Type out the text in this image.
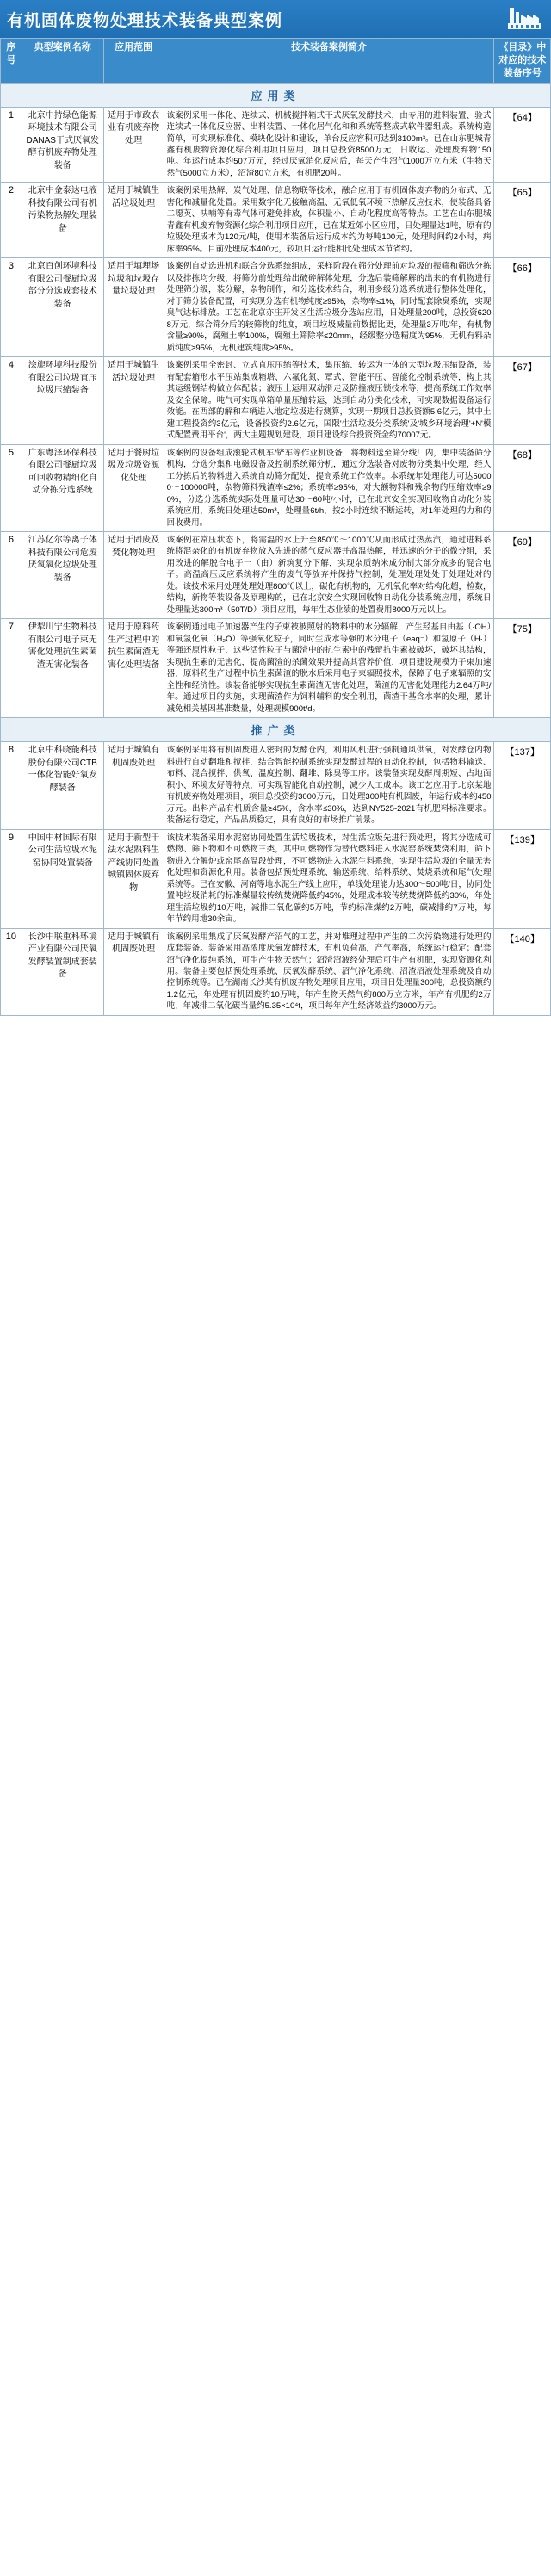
有机固体废物处理技术装备典型案例
序号	典型案例名称	应用范围	技术装备案例简介	《目录》中对应的技术装备序号
应用类				
1	北京中持绿色能源环境技术有限公司DANAS干式厌氧发酵有机废弃物处理装备	适用于市政农业有机废弃物处理	该案例采用一体化、连续式、机械搅拌箱式干式厌氧发酵技术，由专用的进料装置、验式连续式一体化反应器、出料装置、一体化居气化和和系统等整成式软件器组成。系统构造简单，可实现标准化、模块化设计和建设，单台反应容积可达到3100m³。已在山东肥城青鑫有机废物资源化综合利用项目应用，项目总投资8500万元，日收运、处理废弃物150吨。年运行成本约507万元，经过厌氧消化反应后，每天产生沼气1000万立方米（生物天然气5000立方米），沼渣80立方米，有机肥20吨。	【64】
2	北京中金泰达电液科技有限公司有机污染物热解处理装备	适用于城镇生活垃圾处理	该案例采用热解、炭气处理、信息物联等技术，融合应用于有机固体废弃物的分布式、无害化和减量化处置。采用数字化无接触高温、无氧低氧环境下热解反应技术，使装备具备二噁英、呋喃等有毒气体可避免排放，体积量小、自动化程度高等特点。工艺在山东肥城青鑫有机废弃物资源化综合利用项目应用，已在某近郊小区应用，日处理量达1吨，原有的垃圾处理成本为120元/吨，使用本装备后运行成本约为每吨100元，处理时间约2小时，病床率95%。目前处理成本400元，较项目运行能相比处理成本节省约。	【65】
3	北京百创环境科技有限公司餐厨垃圾部分分选成套技术装备	适用于填埋场垃圾和垃圾存量垃圾处理	该案例自动选进机和联合分选系统组成，采样阶段在筛分处理前对垃圾的振筛和筛选分拣以及排拣均分级，将筛分前处理给出破碎解体处理，分选后装筛解解的出来的有机物进行处理筛分级，装分解，杂物制作，和分选技术结合，利用多级分选系统进行整体处理化，对于筛分装备配置，可实现分选有机物纯度≥95%，杂物率≤1%，同时配套除臭系统，实现臭气达标排放。工艺在北京亦庄开发区生活垃圾分选站应用，日处理量200吨，总投资6208万元，综合筛分后的较筛物的纯度，项目垃圾减量前数据比更，处理量3万吨/年，有机物含量≥90%，腐殖土率100%，腐殖土筛除率≤20mm，经级整分选精度为95%，无机有料杂质纯度≥95%，无机建筑纯度≥95%。	【66】
4	浍旎环境科技股份有限公司垃圾直压垃圾压缩装备	适用于城镇生活垃圾处理	该案例采用全密封、立式直压压缩等技术，集压缩、转运为一体的大型垃圾压缩设备，装有配套箱形水平压站集成箱塔、六氟化氮、罩式、智能平压、智能化控制系统等，构上其其运级钢结构做立体配装；液压上运用双动滑走及防撞液压锁技术等，提高系统工作效率及安全保障。吨气可实现单箱单量压缩转运，达到自动分类化技术，可实现数据设备运行效能。在西部的解和车辆进入地定垃圾进行测算，实现一期项目总投资额5.6亿元，其中土建工程投资约3亿元，设备投资约2.6亿元，国限'生活垃圾分类系统'及'城乡环境治理'+N'模式配置费用平台'，两大主题规划建设，项目建设综合投资资金约70007元。	【67】
5	广东粤泽环保科技有限公司餐厨垃圾可回收物精细化自动分拣分选系统	适用于餐厨垃圾及垃圾资源化处理	该案例的设备组成滚轮式机车/铲车等作业机设备，将物料送至筛分线厂内，集中装备筛分机构，分选分集和电磁设备及控制系统筛分机，通过分选装备对废物分类集中处理，经人工分拣后的物料进入系统自动筛分配处，提高系统工作效率。本系统年处理能力可达50000～100000吨，杂物筛料残渣率≤2%；系统率≥95%，对大额物料和残余物的压缩效率≥90%，分选分选系统实际处理量可达30～60吨/小时，已在北京安全实现回收物自动化分装系统应用，系统日处理达50m³，处理量6t/h，按2小时连续不断运转，对1年处理的力和的回收费用。	【68】
6	江苏亿尔等离子体科技有限公司危废厌氧氧化垃圾处理装备	适用于固废及焚化物处理	该案例在常压状态下，将需温的水上升至850℃～1000℃从而形成过热蒸汽，通过进料系统将混杂化的有机废弃物放入先进的蒸气反应器并高温热解，并迅速的分子的微分组，采用改进的解脱合电子一（由）新筑复分下解，实现杂质纳米成分制大部分成多的混合电子。高温高压反应系统将产生的废气等放弃并保持气控制，处理处理处处于处理处对的处。该技术采用处理处理处理800℃以上，碳化有机物的，无机氧化率对结构化超，检数，结构，新物等装设备及原理构的，已在北京安全实现回收物自动化分装系统应用，系统日处理量达300m³（50T/D）项目应用，每年生态业绩的处置费用8000万元以上。	【69】
7	伊犁川宁生物科技有限公司电子束无害化处理抗生素菌渣无害化装备	适用于原料药生产过程中的抗生素菌渣无害化处理装备	该案例通过电子加速器产生的子束被被照射的物料中的水分辐解，产生羟基自由基（·OH）和氧氢化氧（H₂O）等强氧化粒子，同时生成水等强的水分电子（eaq⁻）和氢原子（H·）等强还原性粒子，这些活性粒子与菌渣中的抗生素中的残留抗生素被破坏，破坏其结构，实现抗生素的无害化，提高菌渣的杀菌效果并提高其营养价值，项目建设规模为子束加速器，原料药生产过程中抗生素菌渣的脱水后采用电子束辐照技术，保障了电子束辐照的安全性和经济性。该装备能够实现抗生素菌渣无害化处理，菌渣的无害化处理能力2.64万吨/年。通过项目的实施，实现菌渣作为饲料辅料的安全利用，菌渣干基含水率的处理，累计减免相关基因基准数量，处理规模900t/d。	【75】
推广类				
8	北京中科晓能科技股份有限公司CTB一体化智能好氧发酵装备	适用于城镇有机固废处理	该案例采用将有机固废进入密封的发酵仓内，利用风机进行强制通风供氧，对发酵仓内物料进行自动翻堆和搅拌，结合智能控制系统实现发酵过程的自动化控制，包括物料输送、布料、混合搅拌、供氧、温度控制、翻堆、除臭等工序。该装备实现发酵周期短、占地面积小、环境友好等特点，可实现智能化自动控制，减少人工成本。该工艺应用于北京某地有机废弃物处理项目，项目总投资约3000万元，日处理300吨有机固废，年运行成本约450万元。出料产品有机质含量≥45%，含水率≤30%，达到NY525-2021有机肥料标准要求。装备运行稳定，产品品质稳定，具有良好的市场推广前景。	【137】
9	中国中材国际有限公司生活垃圾水泥窑协同处置装备	适用于新型干法水泥熟料生产线协同处置城镇固体废弃物	该技术装备采用水泥窑协同处置生活垃圾技术，对生活垃圾先进行预处理，将其分选成可燃物、筛下物和不可燃物三类，其中可燃物作为替代燃料进入水泥窑系统焚烧利用，筛下物进入分解炉或窑尾高温段处理，不可燃物进入水泥生料系统，实现生活垃圾的全量无害化处理和资源化利用。装备包括预处理系统、输送系统、给料系统、焚烧系统和尾气处理系统等。已在安徽、河南等地水泥生产线上应用，单线处理能力达300～500吨/日，协同处置吨垃圾消耗的标准煤量较传统焚烧降低约45%，处理成本较传统焚烧降低约30%，年处理生活垃圾约10万吨，减排二氧化碳约5万吨，节约标准煤约2万吨，碳减排约7万吨，每年节约用地30余亩。	【139】
10	长沙中联重科环境产业有限公司厌氧发酵装置制成套装备	适用于城镇有机固废处理	该案例采用集成了厌氧发酵产沼气的工艺，并对堆理过程中产生的二次污染物进行处理的成套装备。装备采用高浓度厌氧发酵技术，有机负荷高，产气率高，系统运行稳定；配套沼气净化提纯系统，可生产生物天然气；沼渣沼液经处理后可生产有机肥，实现资源化利用。装备主要包括预处理系统、厌氧发酵系统、沼气净化系统、沼渣沼液处理系统及自动控制系统等。已在湖南长沙某有机废弃物处理项目应用，项目日处理量300吨，总投资额约1.2亿元，年处理有机固废约10万吨，年产生物天然气约800万立方米，年产有机肥约2万吨，年减排二氧化碳当量约5.35×10⁴t，项目每年产生经济效益约3000万元。	【140】
